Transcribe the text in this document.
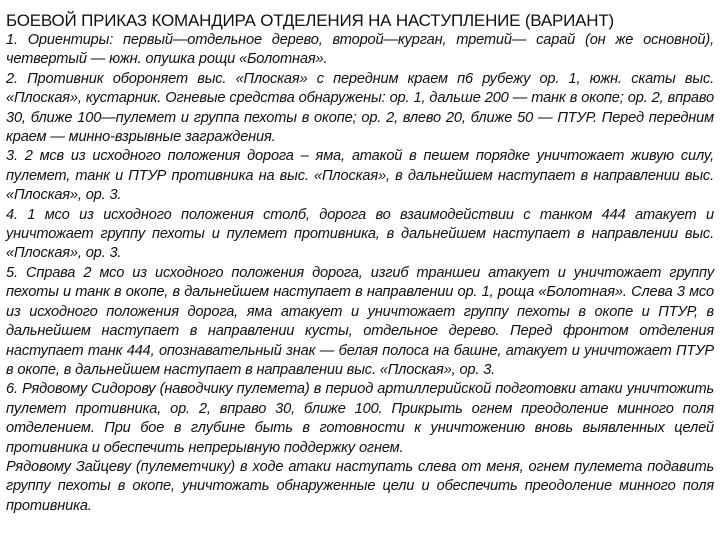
БОЕВОЙ ПРИКАЗ КОМАНДИРА ОТДЕЛЕНИЯ НА НАСТУПЛЕНИЕ (ВАРИАНТ)

1. Ориентиры: первый—отдельное дерево, второй—курган, третий— сарай (он же основной), четвертый — южн. опушка рощи «Болотная».

2. Противник обороняет выс. «Плоская» с передним краем п6 рубежу ор. 1, южн. скаты выс. «Плоская», кустарник. Огневые средства обнаружены: ор. 1, дальше 200 — танк в окопе; ор. 2, вправо 30, ближе 100—пулемет и группа пехоты в окопе; ор. 2, влево 20, ближе 50 — ПТУР. Перед передним краем — минно-взрывные заграждения.

3. 2 мсв из исходного положения дорога – яма, атакой в пешем порядке уничтожает живую силу, пулемет, танк и ПТУР противника на выс. «Плоская», в дальнейшем наступает в направлении выс. «Плоская», ор. 3.

4. 1 мсо из исходного положения столб, дорога во взаимодействии с танком 444 атакует и уничтожает группу пехоты и пулемет противника, в дальнейшем наступает в направлении выс. «Плоская», ор. 3.

5. Справа 2 мсо из исходного положения дорога, изгиб траншеи атакует и уничтожает группу пехоты и танк в окопе, в дальнейшем наступает в направлении ор. 1, роща «Болотная». Слева 3 мсо из исходного положения дорога, яма атакует и уничтожает группу пехоты в окопе и ПТУР, в дальнейшем наступает в направлении кусты, отдельное дерево. Перед фронтом отделения наступает танк 444, опознавательный знак — белая полоса на башне, атакует и уничтожает ПТУР в окопе, в дальнейшем наступает в направлении выс. «Плоская», ор. 3.

6. Рядовому Сидорову (наводчику пулемета) в период артиллерийской подготовки атаки уничтожить пулемет противника, ор. 2, вправо 30, ближе 100. Прикрыть огнем преодоление минного поля отделением. При бое в глубине быть в готовности к уничтожению вновь выявленных целей противника и обеспечить непрерывную поддержку огнем.

Рядовому Зайцеву (пулеметчику) в ходе атаки наступать слева от меня, огнем пулемета подавить группу пехоты в окопе, уничтожать обнаруженные цели и обеспечить преодоление минного поля противника.
